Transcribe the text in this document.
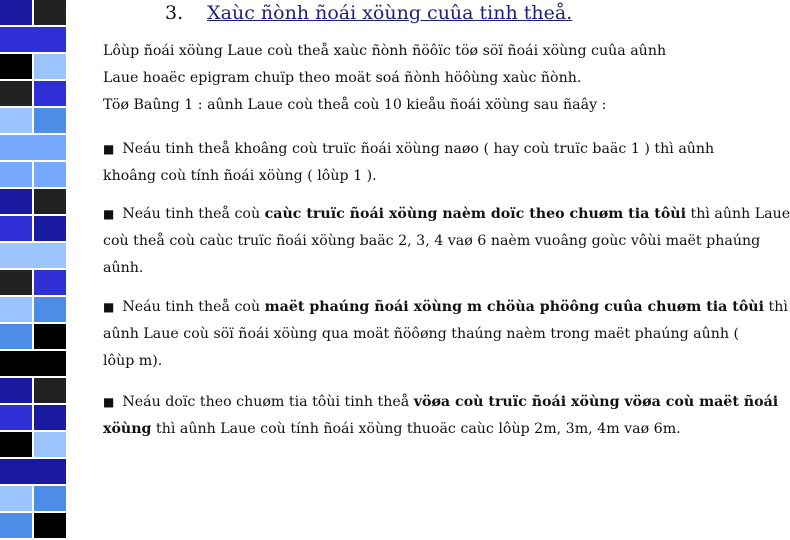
3. Xaùc ñònh ñoái xöùng cuûa tinh theå.
Lôùp ñoái xöùng Laue coù theå xaùc ñònh ñöôïc töø söï ñoái xöùng cuûa aûnh
Laue hoaëc epigram chuïp theo moät soá ñònh höôùng xaùc ñònh.
Töø Baûng 1 : aûnh Laue coù theå coù 10 kieåu ñoái xöùng sau ñaây :
■ Neáu tinh theå khoâng coù truïc ñoái xöùng naøo ( hay coù truïc baäc 1 ) thì aûnh
khoâng coù tính ñoái xöùng ( lôùp 1 ).
■ Neáu tinh theå coù caùc truïc ñoái xöùng naèm doïc theo chuøm tia tôùi thì aûnh Laue
coù theå coù caùc truïc ñoái xöùng baäc 2, 3, 4 vaø 6 naèm vuoâng goùc vôùi maët phaúng
aûnh.
■ Neáu tinh theå coù maët phaúng ñoái xöùng m chöùa phöông cuûa chuøm tia tôùi thì
aûnh Laue coù söï ñoái xöùng qua moät ñöôøng thaúng naèm trong maët phaúng aûnh (
lôùp m).
■ Neáu doïc theo chuøm tia tôùi tinh theå vöøa coù truïc ñoái xöùng vöøa coù maët ñoái
xöùng thì aûnh Laue coù tính ñoái xöùng thuoäc caùc lôùp 2m, 3m, 4m vaø 6m.
